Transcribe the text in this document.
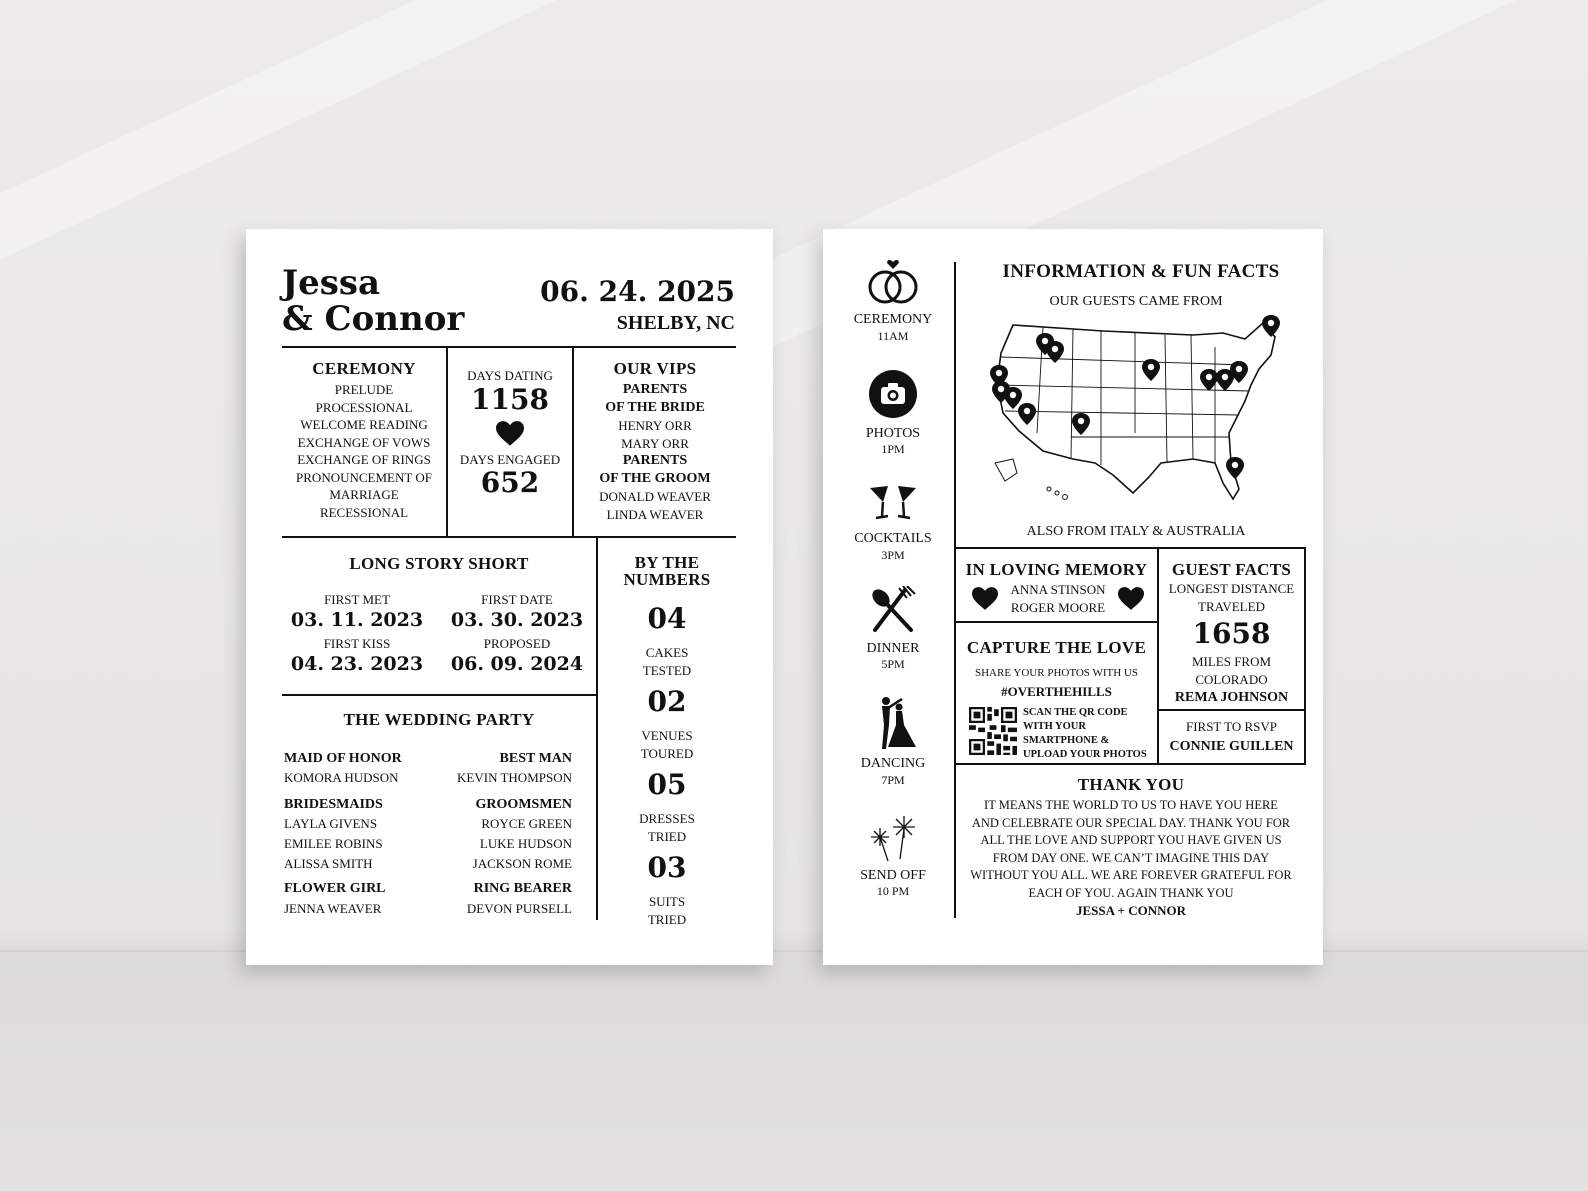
Jessa
& Connor
06. 24. 2025
SHELBY, NC
CEREMONY
PRELUDE
PROCESSIONAL
WELCOME READING
EXCHANGE OF VOWS
EXCHANGE OF RINGS
PRONOUNCEMENT OF
MARRIAGE
RECESSIONAL
DAYS DATING
1158
DAYS ENGAGED
652
OUR VIPS
PARENTS
OF THE BRIDE
HENRY ORR
MARY ORR
PARENTS
OF THE GROOM
DONALD WEAVER
LINDA WEAVER
LONG STORY SHORT
FIRST MET
03. 11. 2023
FIRST DATE
03. 30. 2023
FIRST KISS
04. 23. 2023
PROPOSED
06. 09. 2024
BY THE
NUMBERS
04
CAKES
TESTED
02
VENUES
TOURED
05
DRESSES
TRIED
03
SUITS
TRIED
THE WEDDING PARTY
MAID OF HONOR
KOMORA HUDSON
BRIDESMAIDS
LAYLA GIVENS
EMILEE ROBINS
ALISSA SMITH
FLOWER GIRL
JENNA WEAVER
BEST MAN
KEVIN THOMPSON
GROOMSMEN
ROYCE GREEN
LUKE HUDSON
JACKSON ROME
RING BEARER
DEVON PURSELL
CEREMONY
11AM
PHOTOS
1PM
COCKTAILS
3PM
DINNER
5PM
DANCING
7PM
SEND OFF
10 PM
INFORMATION & FUN FACTS
OUR GUESTS CAME FROM
ALSO FROM ITALY & AUSTRALIA
IN LOVING MEMORY
ANNA STINSON
ROGER MOORE
CAPTURE THE LOVE
SHARE YOUR PHOTOS WITH US
#OVERTHEHILLS
SCAN THE QR CODE
WITH YOUR
SMARTPHONE &
UPLOAD YOUR PHOTOS
GUEST FACTS
LONGEST DISTANCE
TRAVELED
1658
MILES FROM
COLORADO
REMA JOHNSON
FIRST TO RSVP
CONNIE GUILLEN
THANK YOU
IT MEANS THE WORLD TO US TO HAVE YOU HERE
AND CELEBRATE OUR SPECIAL DAY. THANK YOU FOR
ALL THE LOVE AND SUPPORT YOU HAVE GIVEN US
FROM DAY ONE. WE CAN’T IMAGINE THIS DAY
WITHOUT YOU ALL. WE ARE FOREVER GRATEFUL FOR
EACH OF YOU. AGAIN THANK YOU
JESSA + CONNOR
